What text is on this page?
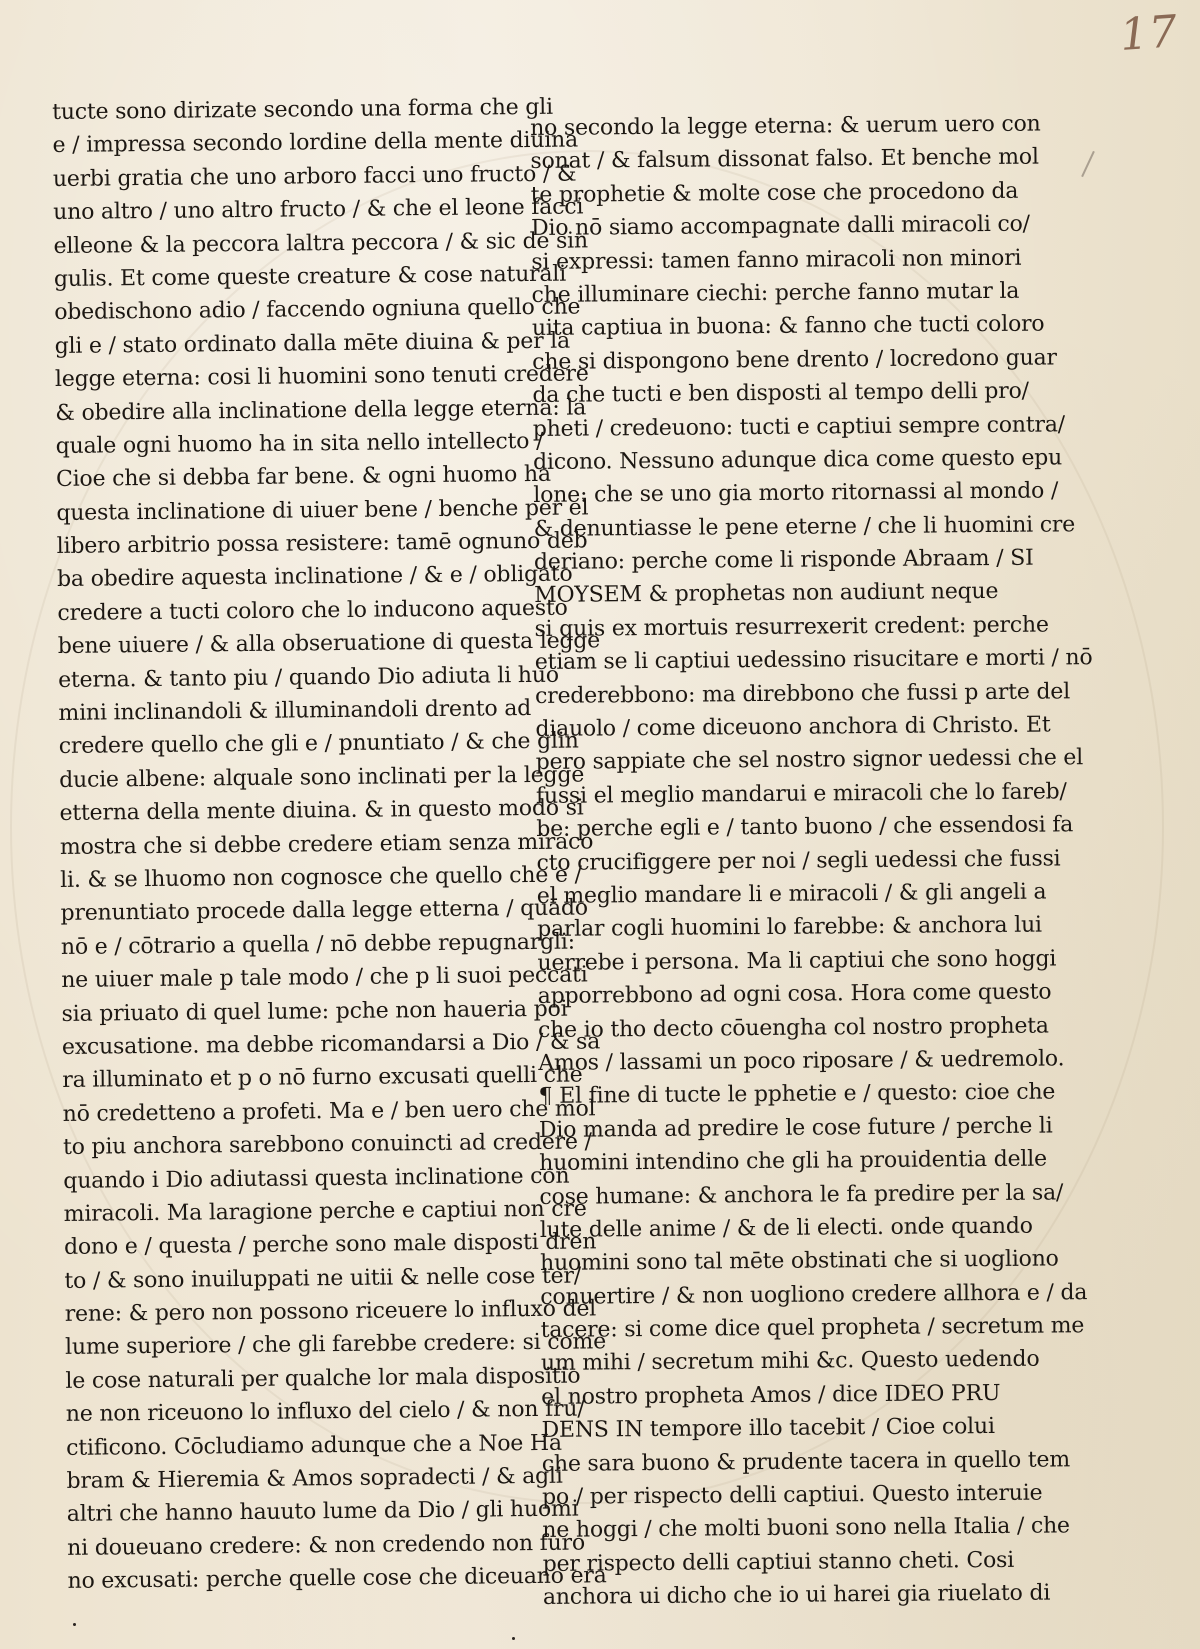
17
tucte sono dirizate secondo una forma che gli
e / impressa secondo lordine della mente diuina
uerbi gratia che uno arboro facci uno fructo / &
uno altro / uno altro fructo / & che el leone facci
elleone & la peccora laltra peccora / & sic de sin
gulis. Et come queste creature & cose naturali
obedischono adio / faccendo ogniuna quello che
gli e / stato ordinato dalla mēte diuina & per la
legge eterna: cosi li huomini sono tenuti credere
& obedire alla inclinatione della legge eterna: la
quale ogni huomo ha in sita nello intellecto /
Cioe che si debba far bene. & ogni huomo ha
questa inclinatione di uiuer bene / benche per el
libero arbitrio possa resistere: tamē ognuno deb
ba obedire aquesta inclinatione / & e / obligato
credere a tucti coloro che lo inducono aquesto
bene uiuere / & alla obseruatione di questa legge
eterna. & tanto piu / quando Dio adiuta li huo
mini inclinandoli & illuminandoli drento ad
credere quello che gli e / pnuntiato / & che glin
ducie albene: alquale sono inclinati per la legge
etterna della mente diuina. & in questo modo si
mostra che si debbe credere etiam senza miraco
li. & se lhuomo non cognosce che quello che e /
prenuntiato procede dalla legge etterna / quādo
nō e / cōtrario a quella / nō debbe repugnargli:
ne uiuer male p tale modo / che p li suoi peccati
sia priuato di quel lume: pche non haueria poi
excusatione. ma debbe ricomandarsi a Dio / & sa
ra illuminato et p o nō furno excusati quelli che
nō credetteno a profeti. Ma e / ben uero che mol
to piu anchora sarebbono conuincti ad credere /
quando i Dio adiutassi questa inclinatione con
miracoli. Ma laragione perche e captiui non cre
dono e / questa / perche sono male disposti dren
to / & sono inuiluppati ne uitii & nelle cose ter/
rene: & pero non possono riceuere lo influxo del
lume superiore / che gli farebbe credere: si come
le cose naturali per qualche lor mala dispositio
ne non riceuono lo influxo del cielo / & non fru/
ctificono. Cōcludiamo adunque che a Noe Ha
bram & Hieremia & Amos sopradecti / & agli
altri che hanno hauuto lume da Dio / gli huomi
ni doueuano credere: & non credendo non furo
no excusati: perche quelle cose che diceuano era
no secondo la legge eterna: & uerum uero con
sonat / & falsum dissonat falso. Et benche mol
te prophetie & molte cose che procedono da
Dio nō siamo accompagnate dalli miracoli co/
si expressi: tamen fanno miracoli non minori
che illuminare ciechi: perche fanno mutar la
uita captiua in buona: & fanno che tucti coloro
che si dispongono bene drento / locredono guar
da che tucti e ben disposti al tempo delli pro/
pheti / credeuono: tucti e captiui sempre contra/
dicono. Nessuno adunque dica come questo epu
lone: che se uno gia morto ritornassi al mondo /
& denuntiasse le pene eterne / che li huomini cre
deriano: perche come li risponde Abraam / SI
MOYSEM & prophetas non audiunt neque
si quis ex mortuis resurrexerit credent: perche
etiam se li captiui uedessino risucitare e morti / nō
crederebbono: ma direbbono che fussi p arte del
diauolo / come diceuono anchora di Christo. Et
pero sappiate che sel nostro signor uedessi che el
fussi el meglio mandarui e miracoli che lo fareb/
be: perche egli e / tanto buono / che essendosi fa
cto crucifiggere per noi / segli uedessi che fussi
el meglio mandare li e miracoli / & gli angeli a
parlar cogli huomini lo farebbe: & anchora lui
uerrebe i persona. Ma li captiui che sono hoggi
apporrebbono ad ogni cosa. Hora come questo
che io tho decto cōuengha col nostro propheta
Amos / lassami un poco riposare / & uedremolo.
¶ El fine di tucte le pphetie e / questo: cioe che
Dio manda ad predire le cose future / perche li
huomini intendino che gli ha prouidentia delle
cose humane: & anchora le fa predire per la sa/
lute delle anime / & de li electi. onde quando
huomini sono tal mēte obstinati che si uogliono
conuertire / & non uogliono credere allhora e / da
tacere: si come dice quel propheta / secretum me
um mihi / secretum mihi &c. Questo uedendo
el nostro propheta Amos / dice IDEO PRU
DENS IN tempore illo tacebit / Cioe colui
che sara buono & prudente tacera in quello tem
po / per rispecto delli captiui. Questo interuie
ne hoggi / che molti buoni sono nella Italia / che
per rispecto delli captiui stanno cheti. Cosi
anchora ui dicho che io ui harei gia riuelato di
